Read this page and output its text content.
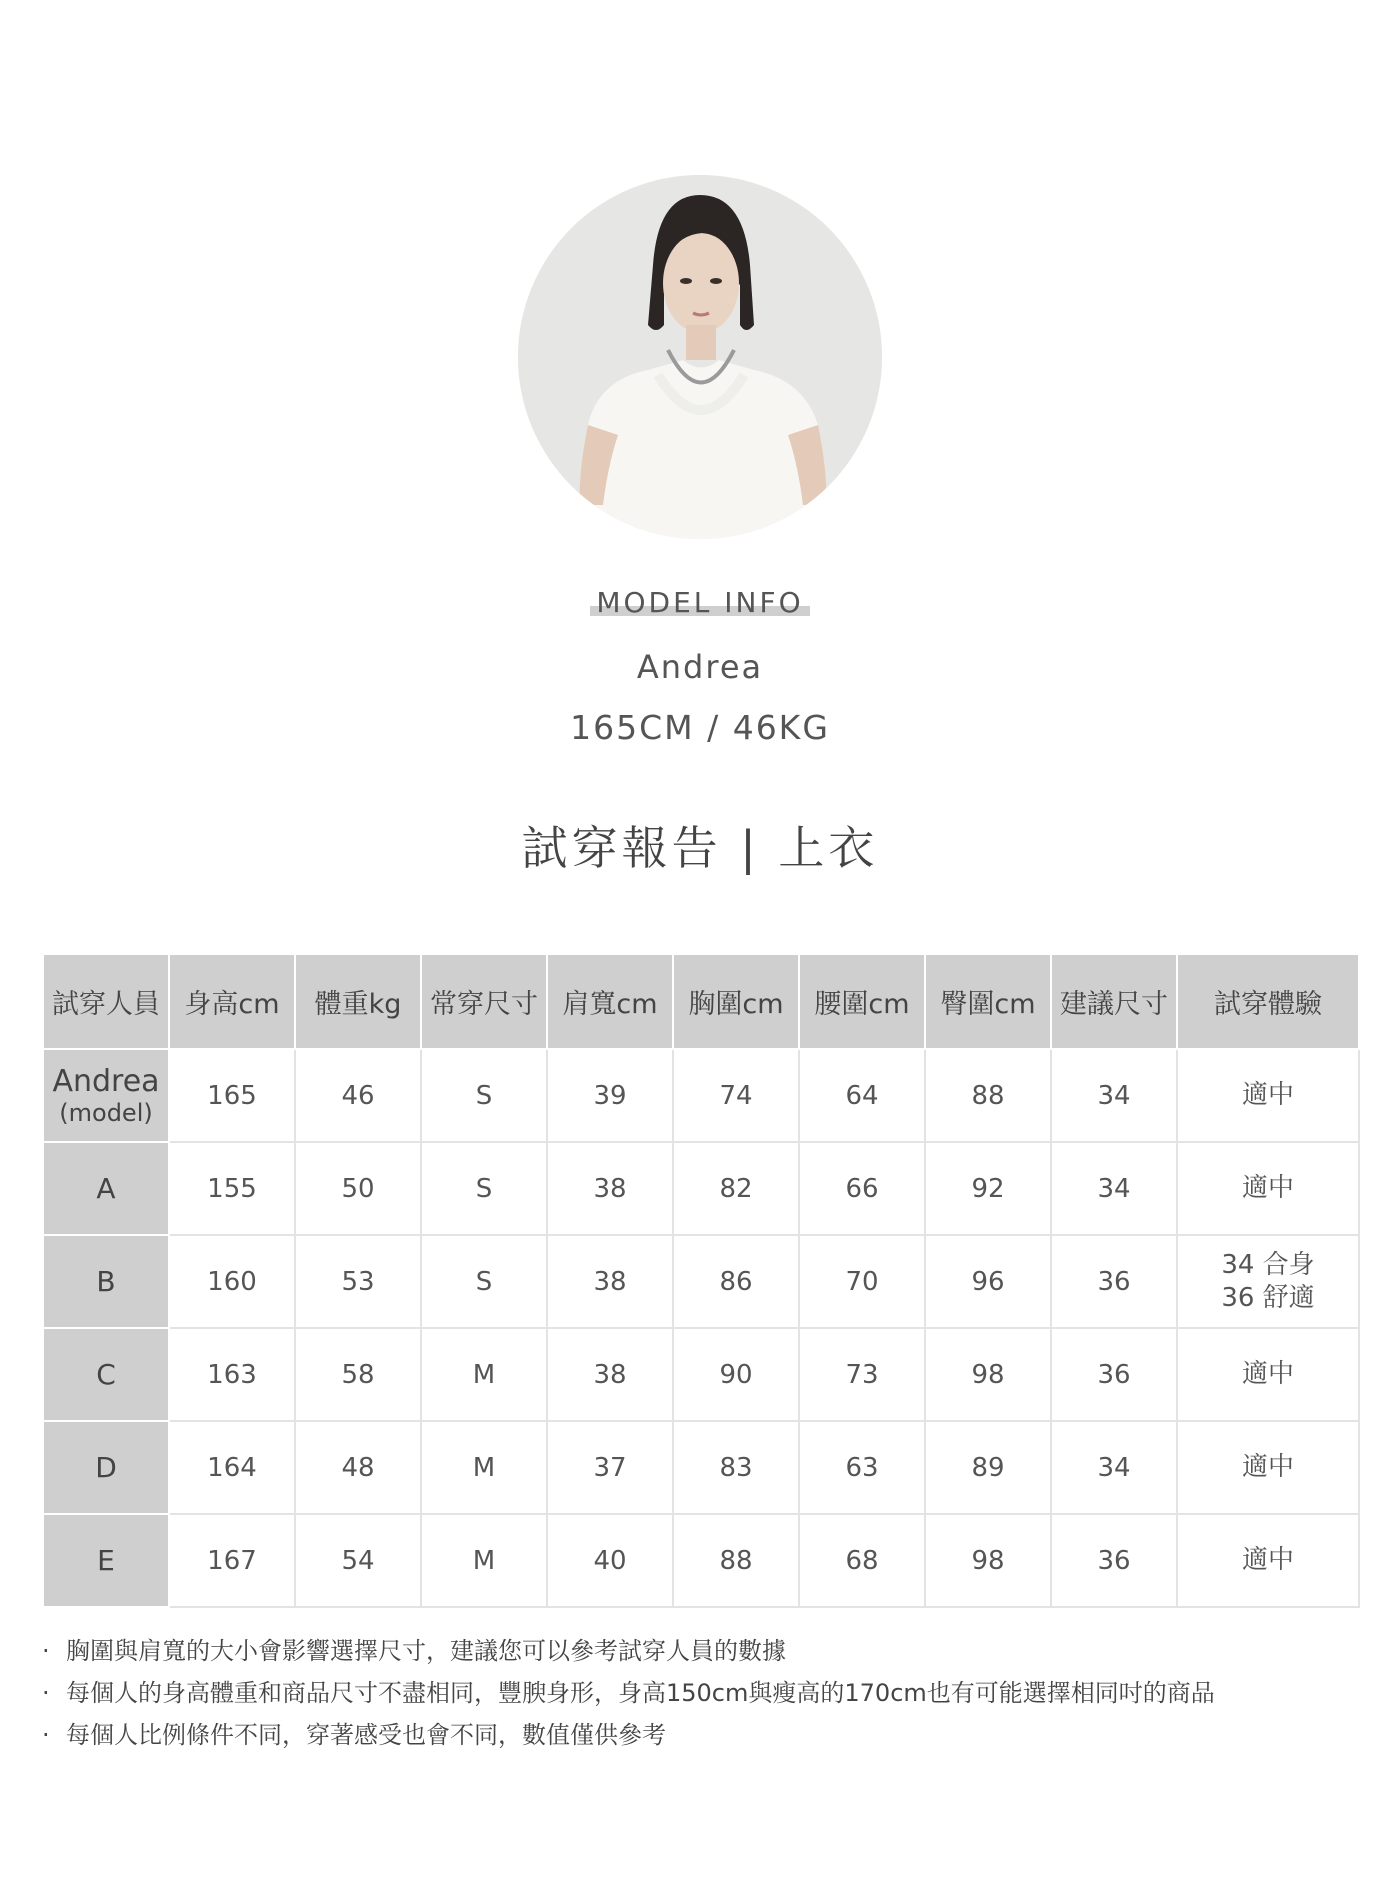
MODEL INFO
Andrea
165CM / 46KG
試穿報告 | 上衣
試穿人員	身高cm	體重kg	常穿尺寸	肩寬cm	胸圍cm	腰圍cm	臀圍cm	建議尺寸	試穿體驗

Andrea
(model)	165	46	S	39	74	64	88	34	適中

A	155	50	S	38	82	66	92	34	適中

B	160	53	S	38	86	70	96	36	34 合身
36 舒適

C	163	58	M	38	90	73	98	36	適中

D	164	48	M	37	83	63	89	34	適中

E	167	54	M	40	88	68	98	36	適中
· 胸圍與肩寬的大小會影響選擇尺寸，建議您可以參考試穿人員的數據
· 每個人的身高體重和商品尺寸不盡相同，豐腴身形，身高150cm與瘦高的170cm也有可能選擇相同吋的商品
· 每個人比例條件不同，穿著感受也會不同，數值僅供參考
